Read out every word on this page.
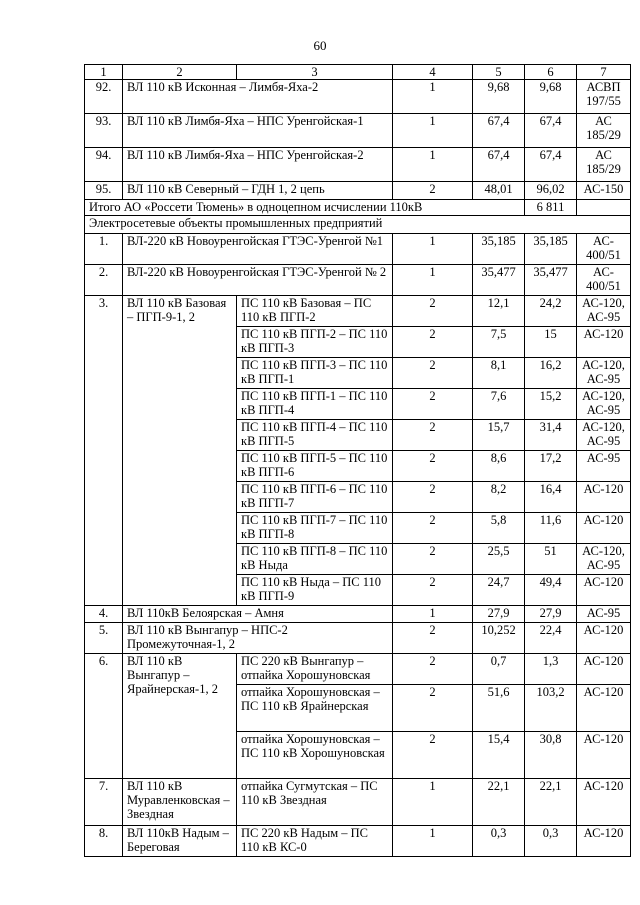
60
1	2	3	4	5	6	7
92.	ВЛ 110 кВ Исконная – Лимбя-Яха-2		1	9,68	9,68	АСВП 197/55
93.	ВЛ 110 кВ Лимбя-Яха – НПС Уренгойская-1		1	67,4	67,4	АС 185/29
94.	ВЛ 110 кВ Лимбя-Яха – НПС Уренгойская-2		1	67,4	67,4	АС 185/29
95.	ВЛ 110 кВ Северный – ГДН 1, 2 цепь		2	48,01	96,02	АС-150
Итого АО «Россети Тюмень» в одноцепном исчислении 110кВ					6 811	
Электросетевые объекты промышленных предприятий						
1.	ВЛ-220 кВ Новоуренгойская ГТЭС-Уренгой №1		1	35,185	35,185	АС- 400/51
2.	ВЛ-220 кВ Новоуренгойская ГТЭС-Уренгой № 2		1	35,477	35,477	АС- 400/51
3.	ВЛ 110 кВ Базовая – ПГП-9-1, 2	ПС 110 кВ Базовая – ПС 110 кВ ПГП-2	2	12,1	24,2	АС-120, АС-95
		ПС 110 кВ ПГП-2 – ПС 110 кВ ПГП-3	2	7,5	15	АС-120
		ПС 110 кВ ПГП-3 – ПС 110 кВ ПГП-1	2	8,1	16,2	АС-120, АС-95
		ПС 110 кВ ПГП-1 – ПС 110 кВ ПГП-4	2	7,6	15,2	АС-120, АС-95
		ПС 110 кВ ПГП-4 – ПС 110 кВ ПГП-5	2	15,7	31,4	АС-120, АС-95
		ПС 110 кВ ПГП-5 – ПС 110 кВ ПГП-6	2	8,6	17,2	АС-95
		ПС 110 кВ ПГП-6 – ПС 110 кВ ПГП-7	2	8,2	16,4	АС-120
		ПС 110 кВ ПГП-7 – ПС 110 кВ ПГП-8	2	5,8	11,6	АС-120
		ПС 110 кВ ПГП-8 – ПС 110 кВ Ныда	2	25,5	51	АС-120, АС-95
		ПС 110 кВ Ныда – ПС 110 кВ ПГП-9	2	24,7	49,4	АС-120
4.	ВЛ 110кВ Белоярская – Амня		1	27,9	27,9	АС-95
5.	ВЛ 110 кВ Вынгапур – НПС-2 Промежуточная-1, 2		2	10,252	22,4	АС-120
6.	ВЛ 110 кВ Вынгапур – Ярайнерская-1, 2	ПС 220 кВ Вынгапур – отпайка Хорошуновская	2	0,7	1,3	АС-120
		отпайка Хорошуновская – ПС 110 кВ Ярайнерская	2	51,6	103,2	АС-120
		отпайка Хорошуновская – ПС 110 кВ Хорошуновская	2	15,4	30,8	АС-120
7.	ВЛ 110 кВ Муравленковская – Звездная	отпайка Сугмутская – ПС 110 кВ Звездная	1	22,1	22,1	АС-120
8.	ВЛ 110кВ Надым – Береговая	ПС 220 кВ Надым – ПС 110 кВ КС-0	1	0,3	0,3	АС-120
